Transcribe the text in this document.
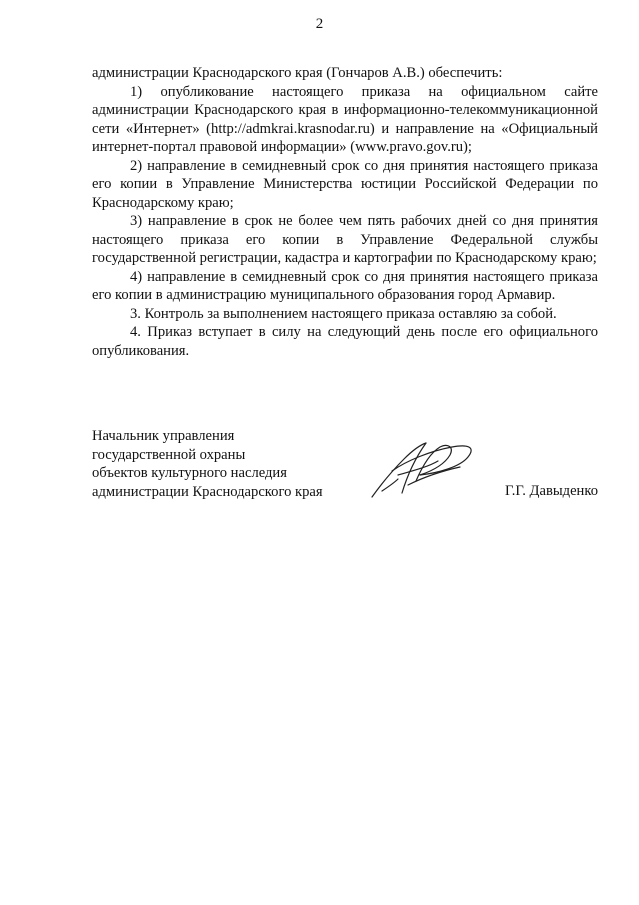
2

администрации Краснодарского края (Гончаров А.В.) обеспечить:

1) опубликование настоящего приказа на официальном сайте администрации Краснодарского края в информационно-телекоммуникационной сети «Интернет» (http://admkrai.krasnodar.ru) и направление на «Официальный интернет-портал правовой информации» (www.pravo.gov.ru);

2) направление в семидневный срок со дня принятия настоящего приказа его копии в Управление Министерства юстиции Российской Федерации по Краснодарскому краю;

3) направление в срок не более чем пять рабочих дней со дня принятия настоящего приказа его копии в Управление Федеральной службы государственной регистрации, кадастра и картографии по Краснодарскому краю;

4) направление в семидневный срок со дня принятия настоящего приказа его копии в администрацию муниципального образования город Армавир.

3. Контроль за выполнением настоящего приказа оставляю за собой.

4. Приказ вступает в силу на следующий день после его официального опубликования.

Начальник управления
государственной охраны
объектов культурного наследия
администрации Краснодарского края	Г.Г. Давыденко
